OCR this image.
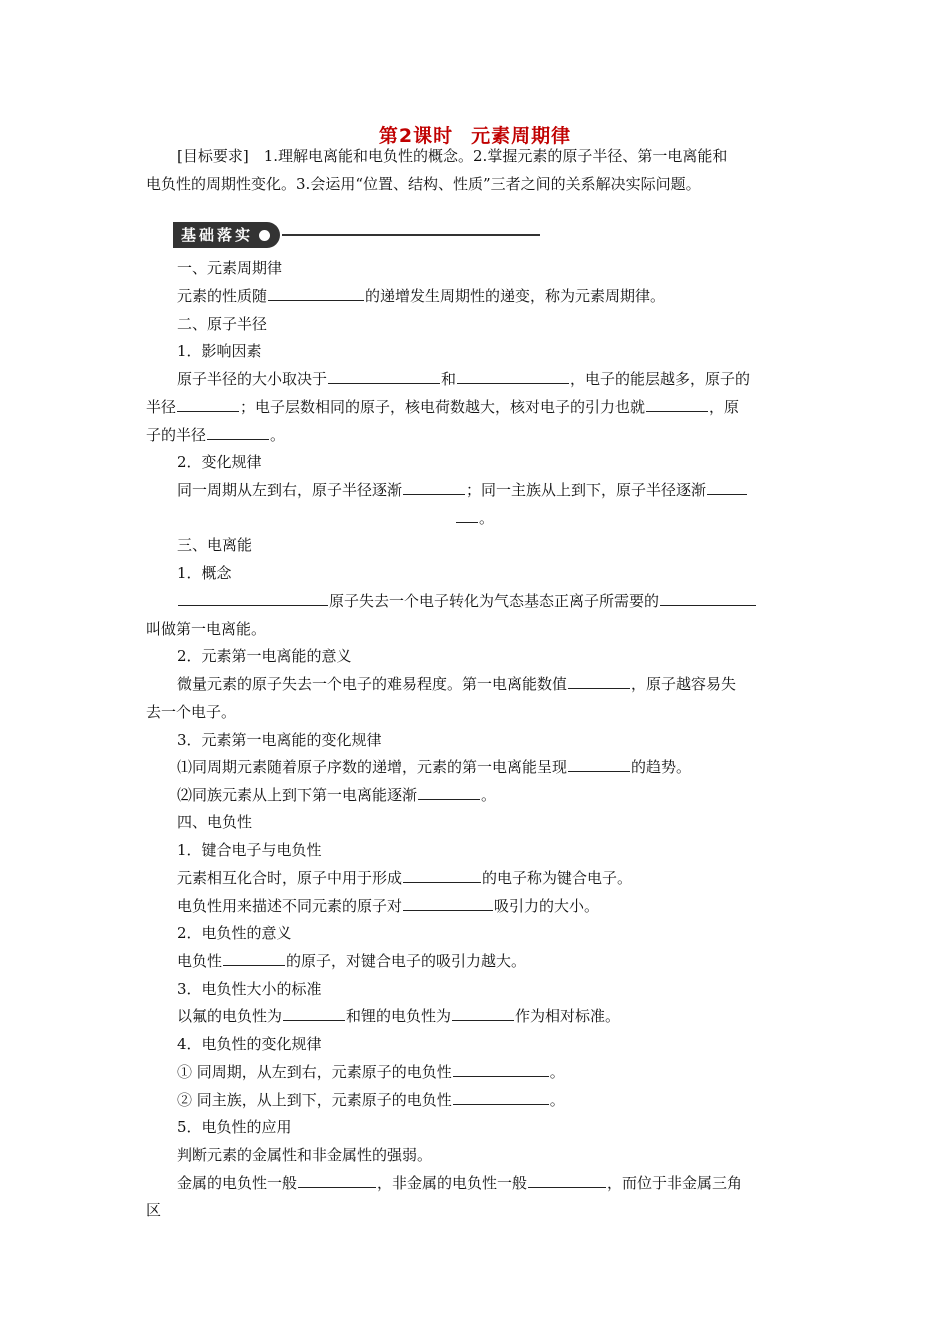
第2课时 元素周期律
[目标要求]　1.理解电离能和电负性的概念。2.掌握元素的原子半径、第一电离能和
电负性的周期性变化。3.会运用“位置、结构、性质”三者之间的关系解决实际问题。
基础落实
一、元素周期律
元素的性质随	的递增发生周期性的递变，称为元素周期律。
二、原子半径
1．影响因素
原子半径的大小取决于	和	，电子的能层越多，原子的
半径	；电子层数相同的原子，核电荷数越大，核对电子的引力也就	，原
子的半径	。
2．变化规律
同一周期从左到右，原子半径逐渐	；同一主族从上到下，原子半径逐渐
。
三、电离能
1．概念
原子失去一个电子转化为气态基态正离子所需要的
叫做第一电离能。
2．元素第一电离能的意义
微量元素的原子失去一个电子的难易程度。第一电离能数值	，原子越容易失
去一个电子。
3．元素第一电离能的变化规律
⑴同周期元素随着原子序数的递增，元素的第一电离能呈现	的趋势。
⑵同族元素从上到下第一电离能逐渐	。
四、电负性
1．键合电子与电负性
元素相互化合时，原子中用于形成	的电子称为键合电子。
电负性用来描述不同元素的原子对	吸引力的大小。
2．电负性的意义
电负性	的原子，对键合电子的吸引力越大。
3．电负性大小的标准
以氟的电负性为	和锂的电负性为	作为相对标准。
4．电负性的变化规律
① 同周期，从左到右，元素原子的电负性	。
② 同主族，从上到下，元素原子的电负性	。
5．电负性的应用
判断元素的金属性和非金属性的强弱。
金属的电负性一般	，非金属的电负性一般	，而位于非金属三角
区
